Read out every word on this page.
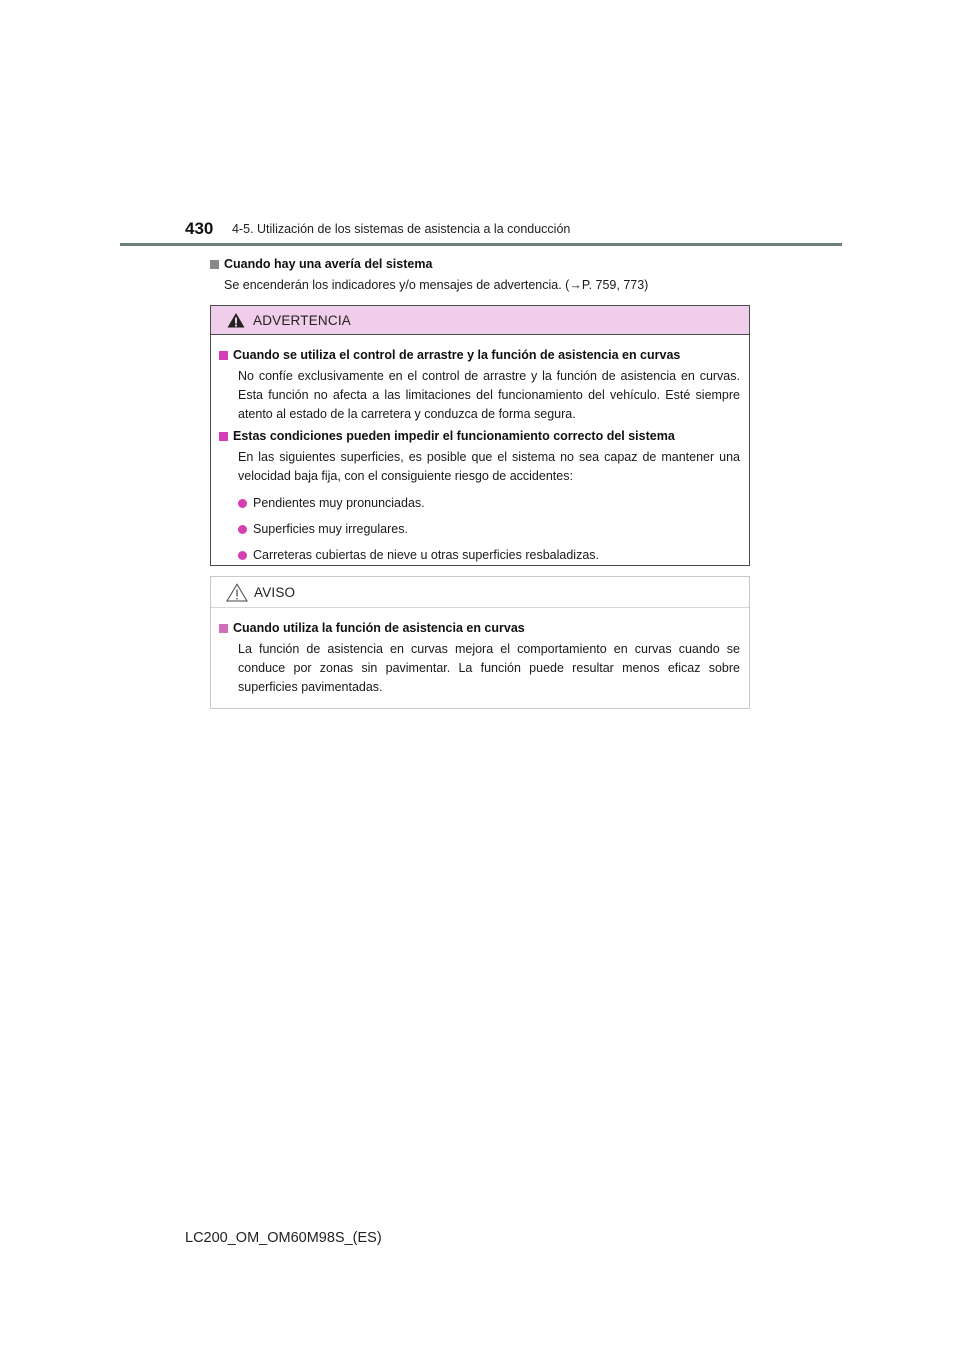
430 4-5. Utilización de los sistemas de asistencia a la conducción
Cuando hay una avería del sistema
Se encenderán los indicadores y/o mensajes de advertencia. (→P. 759, 773)
ADVERTENCIA
Cuando se utiliza el control de arrastre y la función de asistencia en curvas
No confíe exclusivamente en el control de arrastre y la función de asistencia en curvas. Esta función no afecta a las limitaciones del funcionamiento del vehículo. Esté siempre atento al estado de la carretera y conduzca de forma segura.
Estas condiciones pueden impedir el funcionamiento correcto del sistema
En las siguientes superficies, es posible que el sistema no sea capaz de mantener una velocidad baja fija, con el consiguiente riesgo de accidentes:
Pendientes muy pronunciadas.
Superficies muy irregulares.
Carreteras cubiertas de nieve u otras superficies resbaladizas.
AVISO
Cuando utiliza la función de asistencia en curvas
La función de asistencia en curvas mejora el comportamiento en curvas cuando se conduce por zonas sin pavimentar. La función puede resultar menos eficaz sobre superficies pavimentadas.
LC200_OM_OM60M98S_(ES)
